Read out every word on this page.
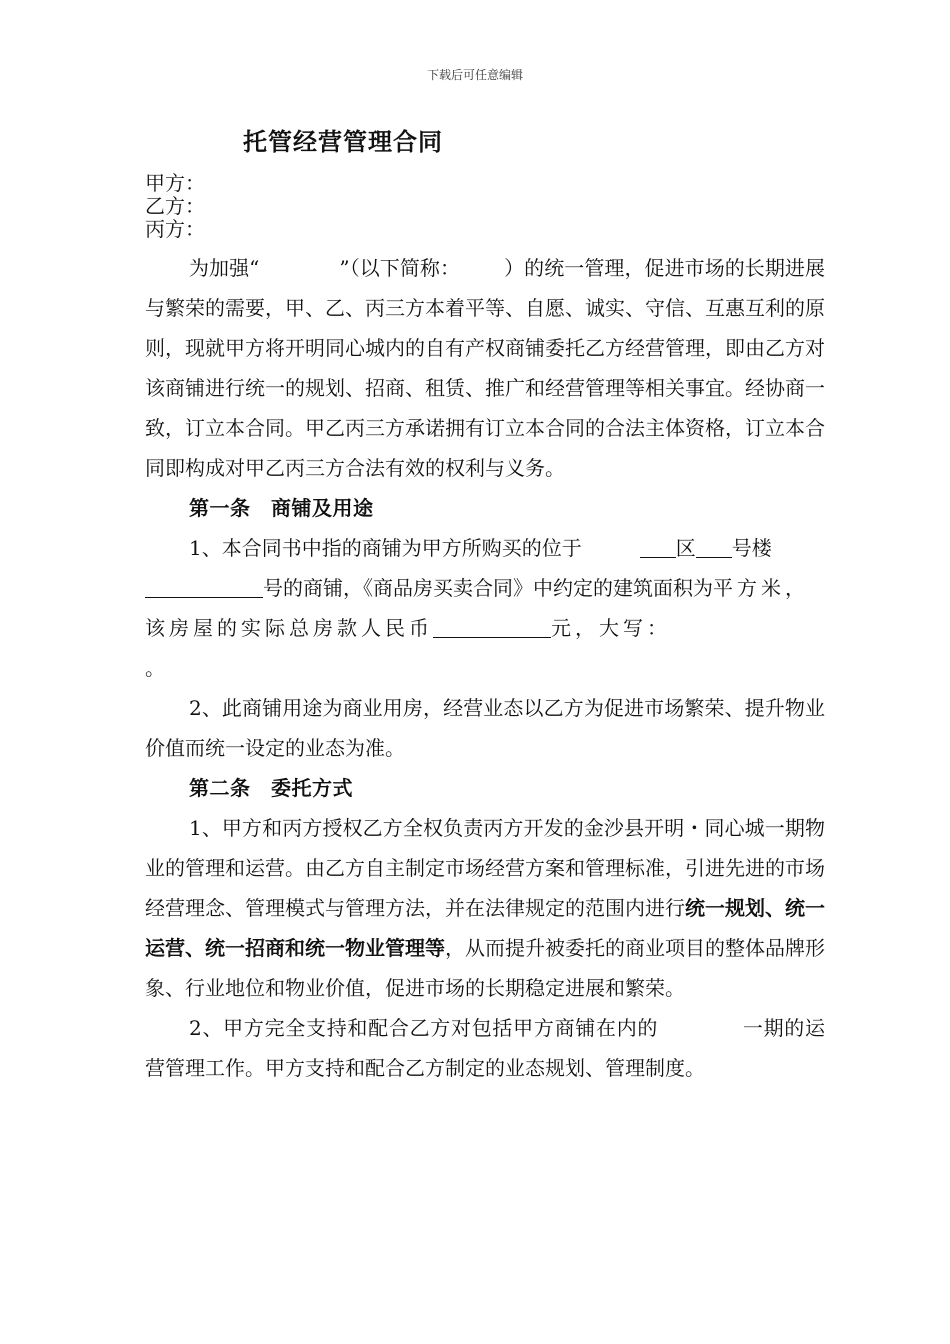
下载后可任意编辑
托管经营管理合同
甲方：
乙方：
丙方：

为加强“	”（以下简称： ）的统一管理，促进市场的长期进展与繁荣的需要，甲、乙、丙三方本着平等、自愿、诚实、守信、互惠互利的原则，现就甲方将开明同心城内的自有产权商铺委托乙方经营管理，即由乙方对该商铺进行统一的规划、招商、租赁、推广和经营管理等相关事宜。经协商一致，订立本合同。甲乙丙三方承诺拥有订立本合同的合法主体资格，订立本合同即构成对甲乙丙三方合法有效的权利与义务。

第一条　商铺及用途

1、本合同书中指的商铺为甲方所购买的位于	区 号楼号的商铺，《商品房买卖合同》中约定的建筑面积为平方米，该房屋的实际总房款人民币	元，大写：
。

2、此商铺用途为商业用房，经营业态以乙方为促进市场繁荣、提升物业价值而统一设定的业态为准。

第二条　委托方式

1、甲方和丙方授权乙方全权负责丙方开发的金沙县开明・同心城一期物业的管理和运营。由乙方自主制定市场经营方案和管理标准，引进先进的市场经营理念、管理模式与管理方法，并在法律规定的范围内进行统一规划、统一运营、统一招商和统一物业管理等，从而提升被委托的商业项目的整体品牌形象、行业地位和物业价值，促进市场的长期稳定进展和繁荣。

2、甲方完全支持和配合乙方对包括甲方商铺在内的	一期的运营管理工作。甲方支持和配合乙方制定的业态规划、管理制度。
